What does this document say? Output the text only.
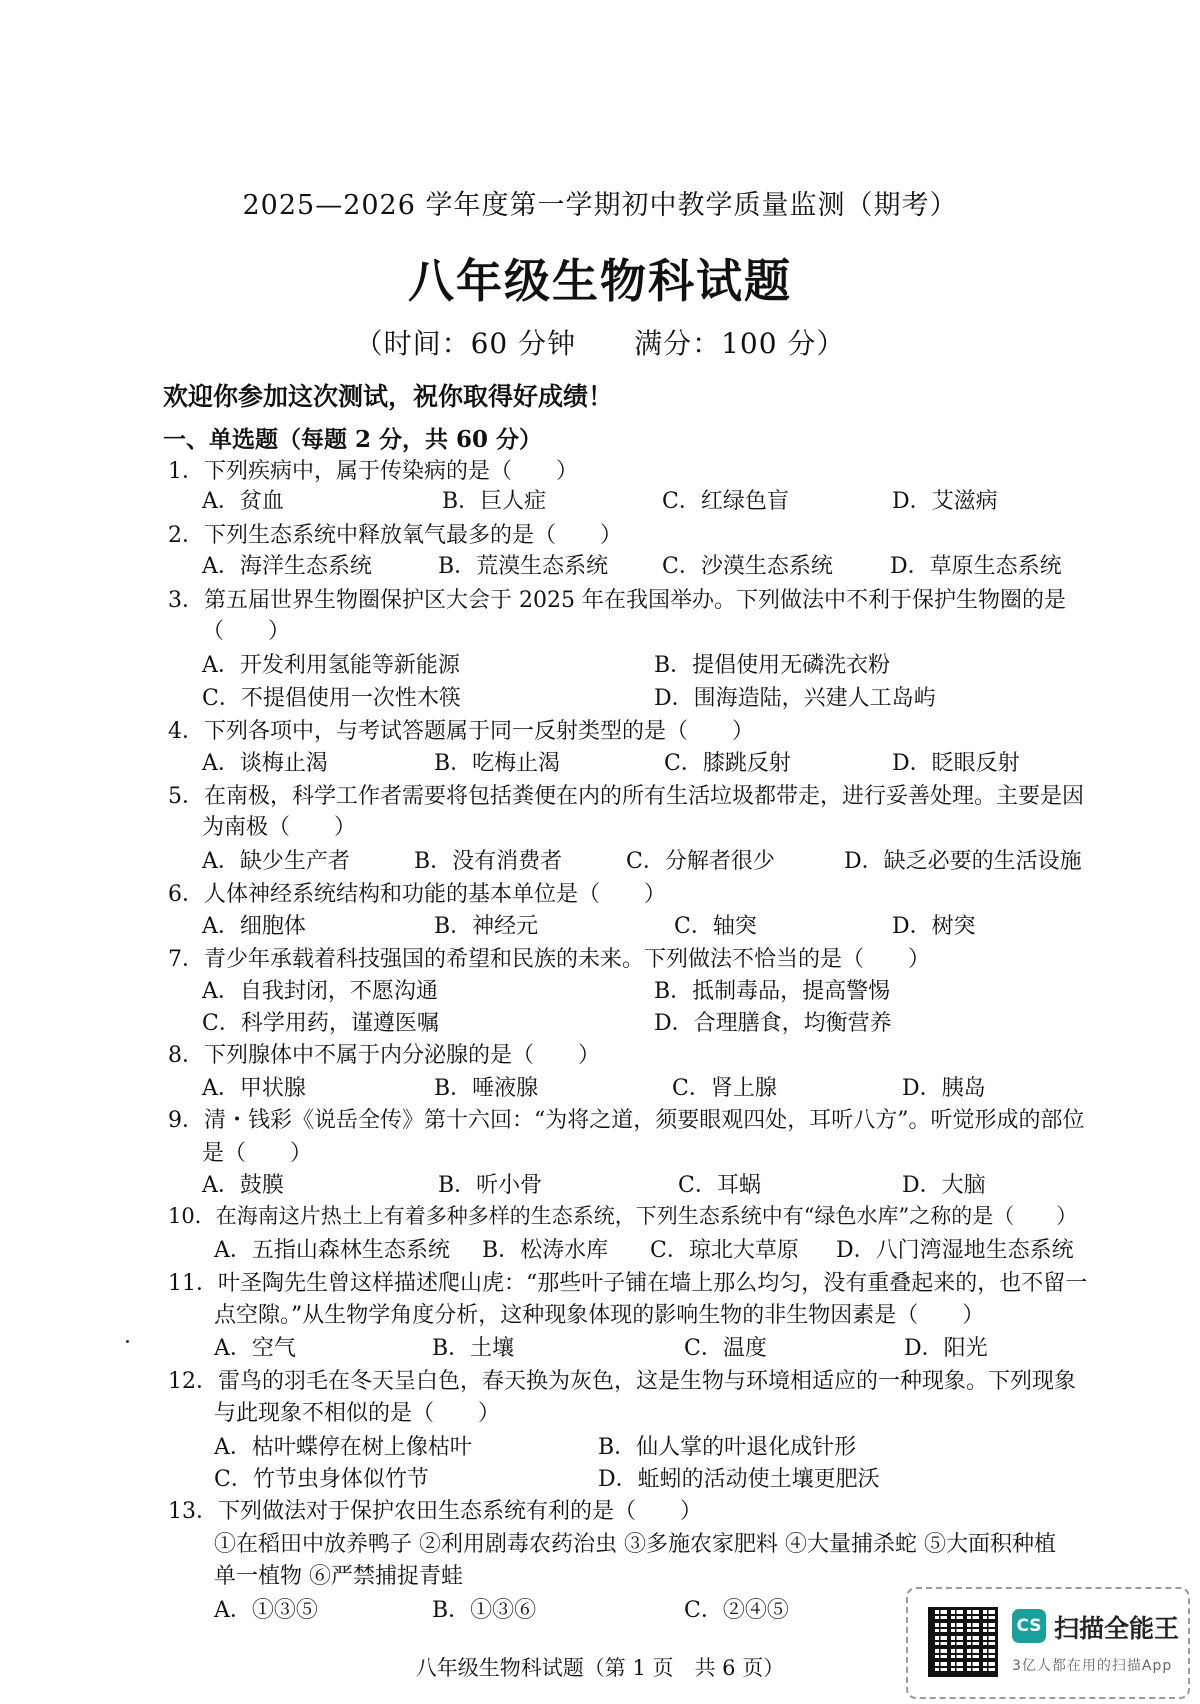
2025—2026 学年度第一学期初中教学质量监测（期考）
八年级生物科试题
（时间：60 分钟　　满分：100 分）
欢迎你参加这次测试，祝你取得好成绩！
一、单选题（每题 2 分，共 60 分）
1．下列疾病中，属于传染病的是（　　）
A．贫血	B．巨人症	C．红绿色盲	D．艾滋病
2．下列生态系统中释放氧气最多的是（　　）
A．海洋生态系统	B．荒漠生态系统 C．沙漠生态系统	D．草原生态系统
3．第五届世界生物圈保护区大会于 2025 年在我国举办。下列做法中不利于保护生物圈的是
（　　）
A．开发利用氢能等新能源	B．提倡使用无磷洗衣粉
C．不提倡使用一次性木筷	D．围海造陆，兴建人工岛屿
4．下列各项中，与考试答题属于同一反射类型的是（　　）
A．谈梅止渴	B．吃梅止渴	C．膝跳反射	D．眨眼反射
5．在南极，科学工作者需要将包括粪便在内的所有生活垃圾都带走，进行妥善处理。主要是因
为南极（　　）
A．缺少生产者	B．没有消费者	C．分解者很少	D．缺乏必要的生活设施
6．人体神经系统结构和功能的基本单位是（　　）
A．细胞体	B．神经元	C．轴突	D．树突
7．青少年承载着科技强国的希望和民族的未来。下列做法不恰当的是（　　）
A．自我封闭，不愿沟通	B．抵制毒品，提高警惕
C．科学用药，谨遵医嘱	D．合理膳食，均衡营养
8．下列腺体中不属于内分泌腺的是（　　）
A．甲状腺	B．唾液腺	C．肾上腺	D．胰岛
9．清・钱彩《说岳全传》第十六回：“为将之道，须要眼观四处，耳听八方”。听觉形成的部位
是（　　）
A．鼓膜	B．听小骨	C．耳蜗	D．大脑
10．在海南这片热土上有着多种多样的生态系统，下列生态系统中有“绿色水库”之称的是（　　）
A．五指山森林生态系统 B．松涛水库 C．琼北大草原 D．八门湾湿地生态系统
11．叶圣陶先生曾这样描述爬山虎：“那些叶子铺在墙上那么均匀，没有重叠起来的，也不留一
点空隙。”从生物学角度分析，这种现象体现的影响生物的非生物因素是（　　）
A．空气	B．土壤	C．温度	D．阳光
12．雷鸟的羽毛在冬天呈白色，春天换为灰色，这是生物与环境相适应的一种现象。下列现象
与此现象不相似的是（　　）
A．枯叶蝶停在树上像枯叶	B．仙人掌的叶退化成针形
C．竹节虫身体似竹节	D．蚯蚓的活动使土壤更肥沃
13．下列做法对于保护农田生态系统有利的是（　　）
①在稻田中放养鸭子 ②利用剧毒农药治虫 ③多施农家肥料 ④大量捕杀蛇 ⑤大面积种植
单一植物 ⑥严禁捕捉青蛙
A．①③⑤	B．①③⑥	C．②④⑤
八年级生物科试题（第 1 页　共 6 页）
CS 扫描全能王
3亿人都在用的扫描App
